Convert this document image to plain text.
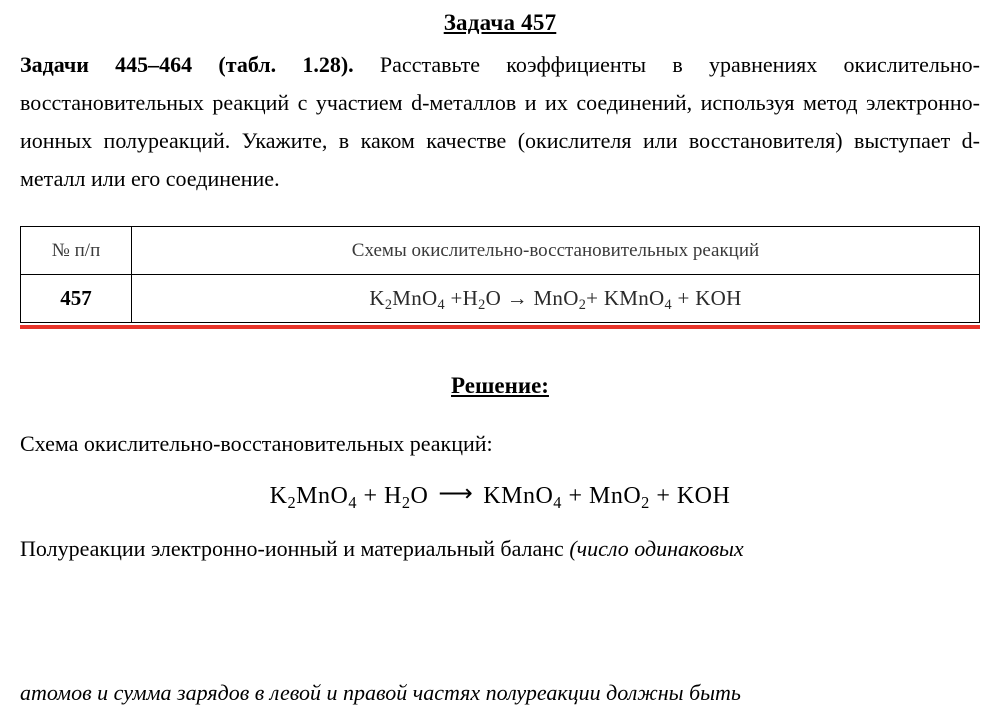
Задача 457

Задачи 445–464 (табл. 1.28). Расставьте коэффициенты в уравнениях окислительно-восстановительных реакций с участием d-металлов и их соединений, используя метод электронно-ионных полуреакций. Укажите, в каком качестве (окислителя или восстановителя) выступает d-металл или его соединение.

№ п/п	Схемы окислительно-восстановительных реакций
457	$K_2MnO_4 +H_2O \to MnO_2+$ KMnO$_4$ + KOH
Решение:

Схема окислительно-восстановительных реакций:

$K_2MnO_4 + H_2O$ ⟶ KMnO$_4$ + MnO$_2$ + KOH

Полуреакции электронно-ионный и материальный баланс (число одинаковых

атомов и сумма зарядов в левой и правой частях полуреакции должны быть
